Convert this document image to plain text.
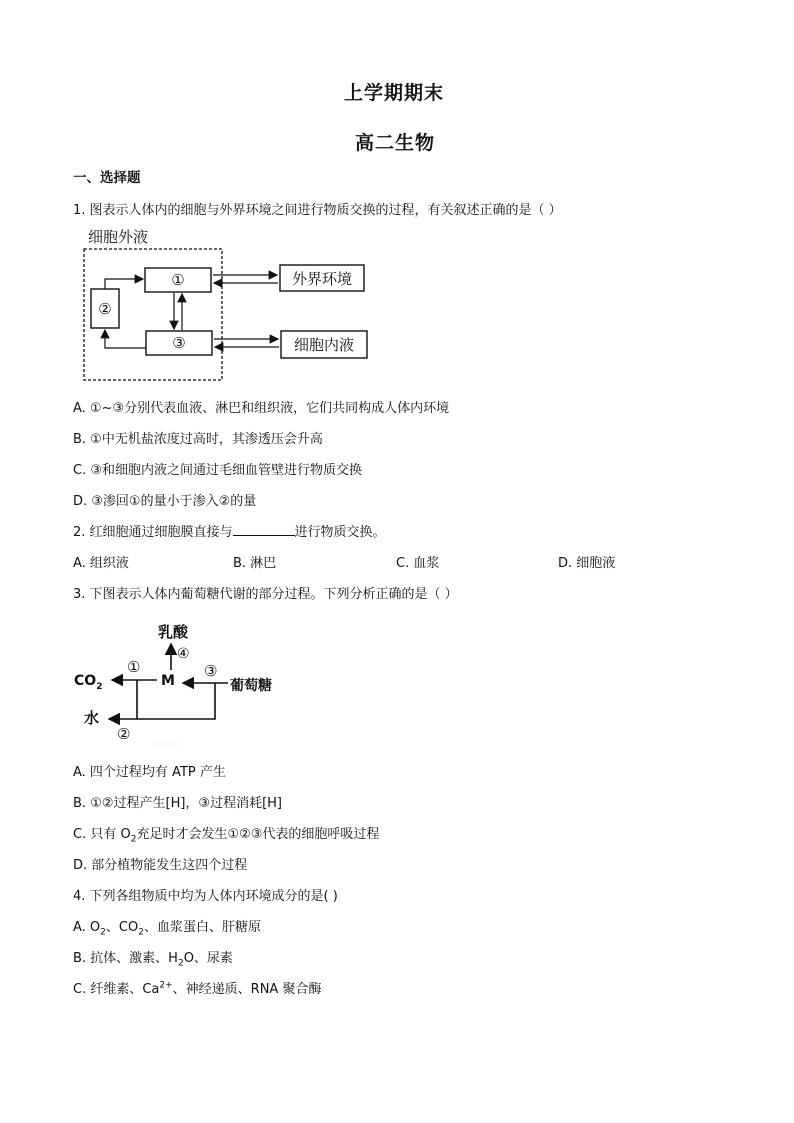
上学期期末
高二生物
一、选择题
1. 图表示人体内的细胞与外界环境之间进行物质交换的过程，有关叙述正确的是（ ）
细胞外液
①
②
③
外界环境
细胞内液
A. ①~③分别代表血液、淋巴和组织液，它们共同构成人体内环境
B. ①中无机盐浓度过高时，其渗透压会升高
C. ③和细胞内液之间通过毛细血管壁进行物质交换
D. ③渗回①的量小于渗入②的量
2. 红细胞通过细胞膜直接与	进行物质交换。
A. 组织液	B. 淋巴	C. 血浆	D. 细胞液
3. 下图表示人体内葡萄糖代谢的部分过程。下列分析正确的是（ ）
乳酸
④
①	③
$CO_2$	M	葡萄糖
水
②
A. 四个过程均有 ATP 产生
B. ①②过程产生[H]，③过程消耗[H]
C. 只有 $O_2$充足时才会发生①②③代表的细胞呼吸过程
D. 部分植物能发生这四个过程
4. 下列各组物质中均为人体内环境成分的是( )
A. $O_2$、$CO_2$、血浆蛋白、肝糖原
B. 抗体、激素、$H_2O$、尿素
C. 纤维素、$Ca^{2+}$、神经递质、RNA 聚合酶
